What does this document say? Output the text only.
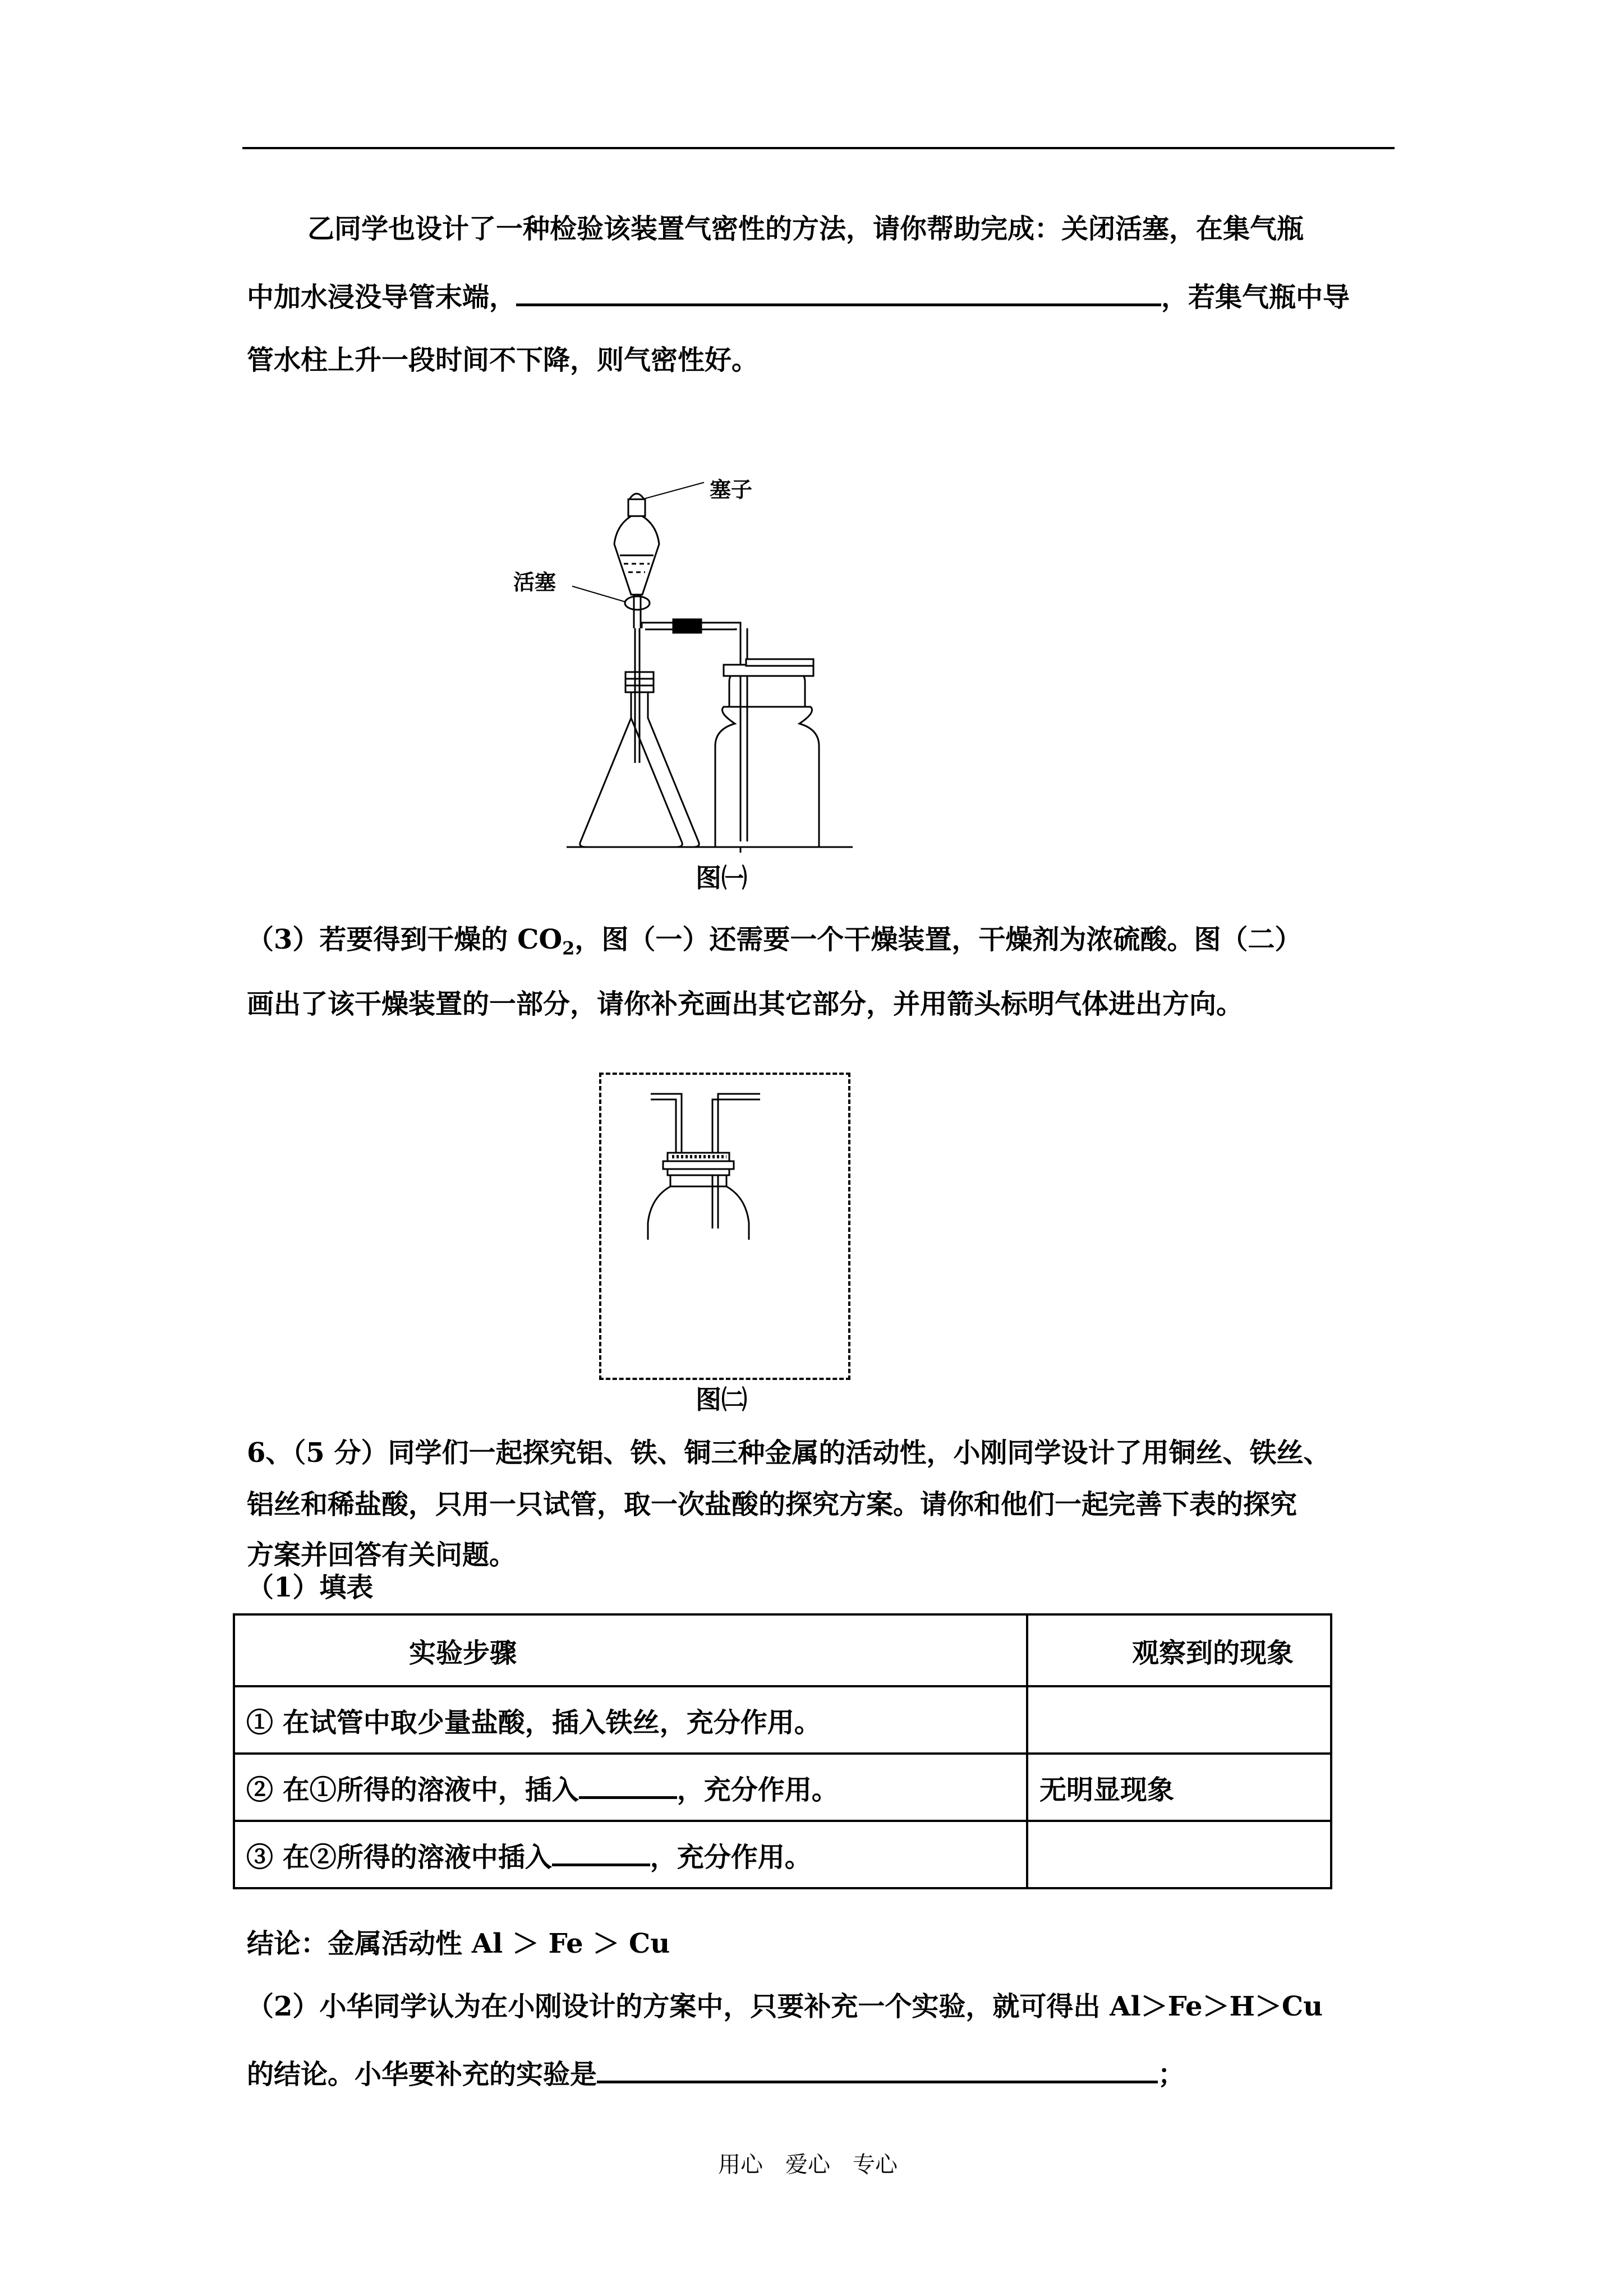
乙同学也设计了一种检验该装置气密性的方法，请你帮助完成：关闭活塞，在集气瓶
中加水浸没导管末端，	，若集气瓶中导
管水柱上升一段时间不下降，则气密性好。
塞子
活塞
图㈠
（3）若要得到干燥的 $CO_2$，图（一）还需要一个干燥装置，干燥剂为浓硫酸。图（二）
画出了该干燥装置的一部分，请你补充画出其它部分，并用箭头标明气体进出方向。
图㈡
6、（5 分）同学们一起探究铝、铁、铜三种金属的活动性，小刚同学设计了用铜丝、铁丝、
铝丝和稀盐酸，只用一只试管，取一次盐酸的探究方案。请你和他们一起完善下表的探究
方案并回答有关问题。
（1）填表
实验步骤	观察到的现象
① 在试管中取少量盐酸，插入铁丝，充分作用。	
② 在①所得的溶液中，插入 ，充分作用。	无明显现象
③ 在②所得的溶液中插入 ，充分作用。	
结论：金属活动性 Al ＞ Fe ＞ Cu
（2）小华同学认为在小刚设计的方案中，只要补充一个实验，就可得出 Al＞Fe＞H＞Cu
的结论。小华要补充的实验是	；
用心　爱心　专心
